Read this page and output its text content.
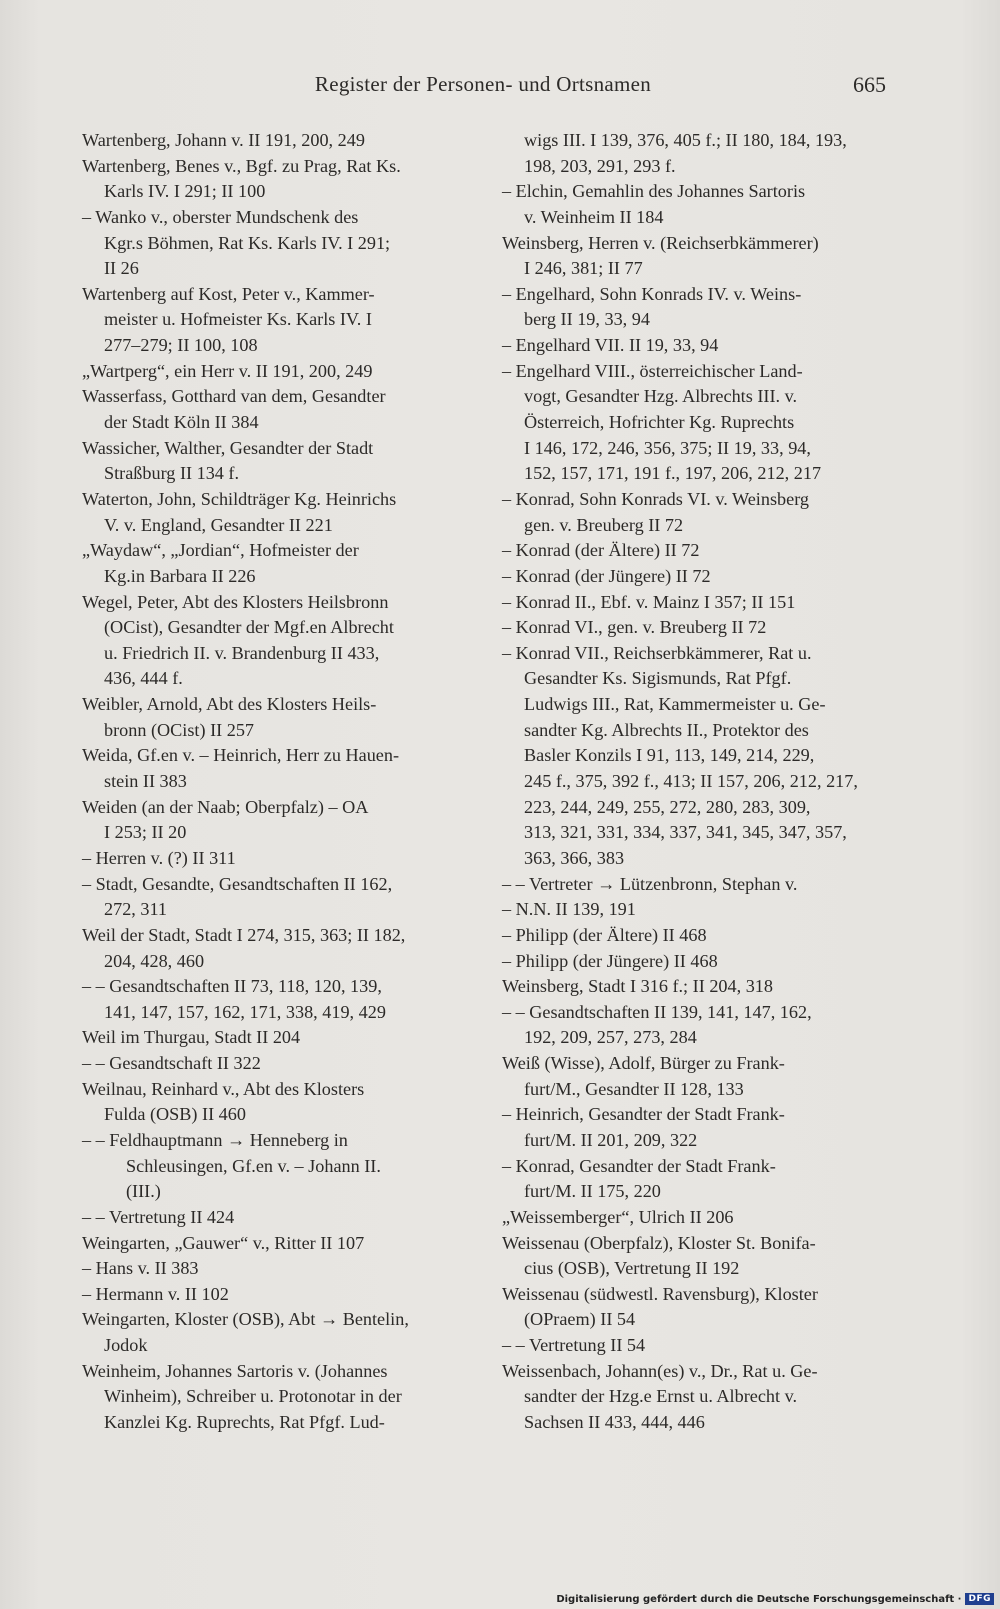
Register der Personen- und Ortsnamen	665
Wartenberg, Johann v. II 191, 200, 249
Wartenberg, Benes v., Bgf. zu Prag, Rat Ks.
Karls IV. I 291; II 100
– Wanko v., oberster Mundschenk des
Kgr.s Böhmen, Rat Ks. Karls IV. I 291;
II 26
Wartenberg auf Kost, Peter v., Kammer-
meister u. Hofmeister Ks. Karls IV. I
277–279; II 100, 108
„Wartperg“, ein Herr v. II 191, 200, 249
Wasserfass, Gotthard van dem, Gesandter
der Stadt Köln II 384
Wassicher, Walther, Gesandter der Stadt
Straßburg II 134 f.
Waterton, John, Schildträger Kg. Heinrichs
V. v. England, Gesandter II 221
„Waydaw“, „Jordian“, Hofmeister der
Kg.in Barbara II 226
Wegel, Peter, Abt des Klosters Heilsbronn
(OCist), Gesandter der Mgf.en Albrecht
u. Friedrich II. v. Brandenburg II 433,
436, 444 f.
Weibler, Arnold, Abt des Klosters Heils-
bronn (OCist) II 257
Weida, Gf.en v. – Heinrich, Herr zu Hauen-
stein II 383
Weiden (an der Naab; Oberpfalz) – OA
I 253; II 20
– Herren v. (?) II 311
– Stadt, Gesandte, Gesandtschaften II 162,
272, 311
Weil der Stadt, Stadt I 274, 315, 363; II 182,
204, 428, 460
– – Gesandtschaften II 73, 118, 120, 139,
141, 147, 157, 162, 171, 338, 419, 429
Weil im Thurgau, Stadt II 204
– – Gesandtschaft II 322
Weilnau, Reinhard v., Abt des Klosters
Fulda (OSB) II 460
– – Feldhauptmann → Henneberg in
Schleusingen, Gf.en v. – Johann II.
(III.)
– – Vertretung II 424
Weingarten, „Gauwer“ v., Ritter II 107
– Hans v. II 383
– Hermann v. II 102
Weingarten, Kloster (OSB), Abt → Bentelin,
Jodok
Weinheim, Johannes Sartoris v. (Johannes
Winheim), Schreiber u. Protonotar in der
Kanzlei Kg. Ruprechts, Rat Pfgf. Lud-
wigs III. I 139, 376, 405 f.; II 180, 184, 193,
198, 203, 291, 293 f.
– Elchin, Gemahlin des Johannes Sartoris
v. Weinheim II 184
Weinsberg, Herren v. (Reichserbkämmerer)
I 246, 381; II 77
– Engelhard, Sohn Konrads IV. v. Weins-
berg II 19, 33, 94
– Engelhard VII. II 19, 33, 94
– Engelhard VIII., österreichischer Land-
vogt, Gesandter Hzg. Albrechts III. v.
Österreich, Hofrichter Kg. Ruprechts
I 146, 172, 246, 356, 375; II 19, 33, 94,
152, 157, 171, 191 f., 197, 206, 212, 217
– Konrad, Sohn Konrads VI. v. Weinsberg
gen. v. Breuberg II 72
– Konrad (der Ältere) II 72
– Konrad (der Jüngere) II 72
– Konrad II., Ebf. v. Mainz I 357; II 151
– Konrad VI., gen. v. Breuberg II 72
– Konrad VII., Reichserbkämmerer, Rat u.
Gesandter Ks. Sigismunds, Rat Pfgf.
Ludwigs III., Rat, Kammermeister u. Ge-
sandter Kg. Albrechts II., Protektor des
Basler Konzils I 91, 113, 149, 214, 229,
245 f., 375, 392 f., 413; II 157, 206, 212, 217,
223, 244, 249, 255, 272, 280, 283, 309,
313, 321, 331, 334, 337, 341, 345, 347, 357,
363, 366, 383
– – Vertreter → Lützenbronn, Stephan v.
– N.N. II 139, 191
– Philipp (der Ältere) II 468
– Philipp (der Jüngere) II 468
Weinsberg, Stadt I 316 f.; II 204, 318
– – Gesandtschaften II 139, 141, 147, 162,
192, 209, 257, 273, 284
Weiß (Wisse), Adolf, Bürger zu Frank-
furt/M., Gesandter II 128, 133
– Heinrich, Gesandter der Stadt Frank-
furt/M. II 201, 209, 322
– Konrad, Gesandter der Stadt Frank-
furt/M. II 175, 220
„Weissemberger“, Ulrich II 206
Weissenau (Oberpfalz), Kloster St. Bonifa-
cius (OSB), Vertretung II 192
Weissenau (südwestl. Ravensburg), Kloster
(OPraem) II 54
– – Vertretung II 54
Weissenbach, Johann(es) v., Dr., Rat u. Ge-
sandter der Hzg.e Ernst u. Albrecht v.
Sachsen II 433, 444, 446
Digitalisierung gefördert durch die Deutsche Forschungsgemeinschaft · DFG
